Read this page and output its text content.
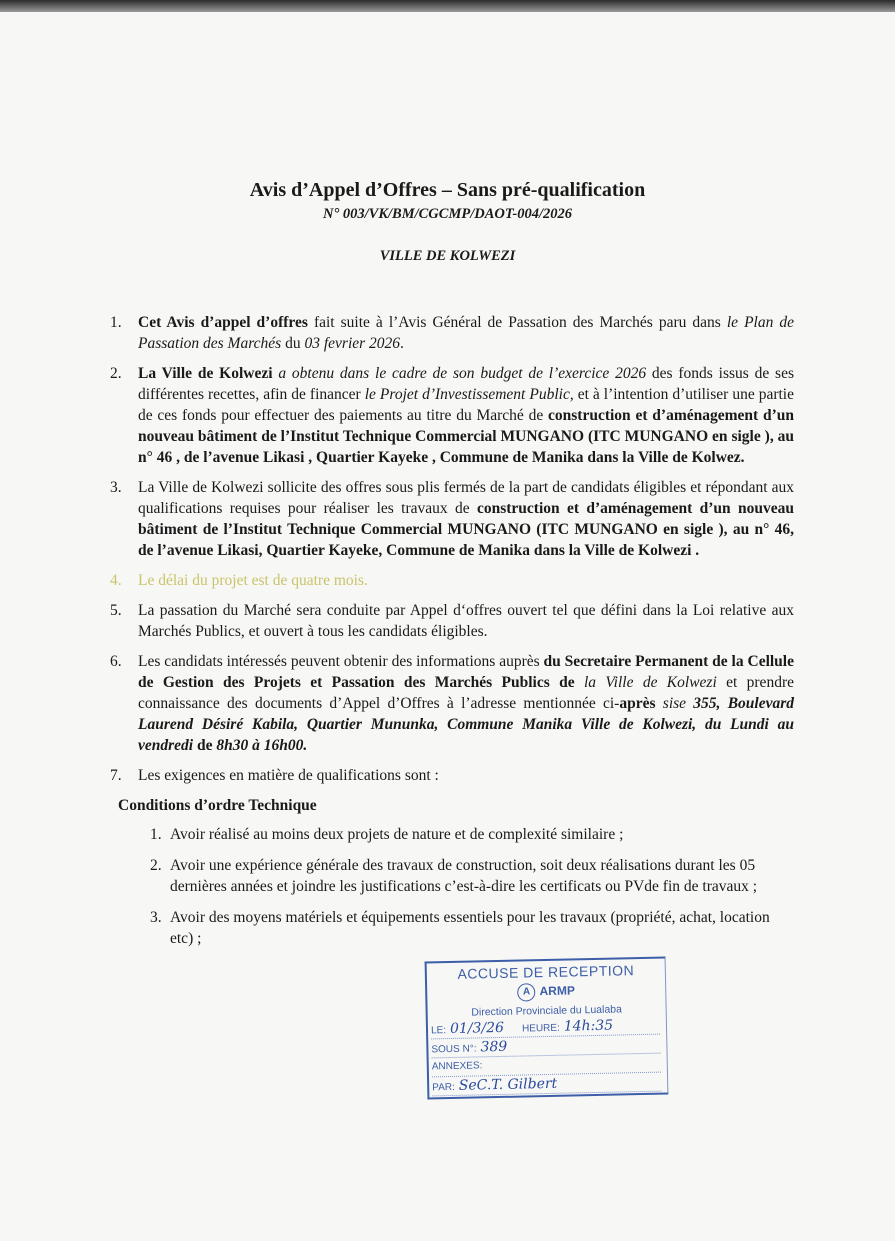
Avis d’Appel d’Offres – Sans pré-qualification
N° 003/VK/BM/CGCMP/DAOT-004/2026
VILLE DE KOLWEZI
1.	Cet Avis d’appel d’offres fait suite à l’Avis Général de Passation des Marchés paru dans le Plan de Passation des Marchés du 03 fevrier 2026.
2.	La Ville de Kolwezi a obtenu dans le cadre de son budget de l’exercice 2026 des fonds issus de ses différentes recettes, afin de financer le Projet d’Investissement Public, et à l’intention d’utiliser une partie de ces fonds pour effectuer des paiements au titre du Marché de construction et d’aménagement d’un nouveau bâtiment de l’Institut Technique Commercial MUNGANO (ITC MUNGANO en sigle ), au n° 46 , de l’avenue Likasi , Quartier Kayeke , Commune de Manika dans la Ville de Kolwez.
3.	La Ville de Kolwezi sollicite des offres sous plis fermés de la part de candidats éligibles et répondant aux qualifications requises pour réaliser les travaux de construction et d’aménagement d’un nouveau bâtiment de l’Institut Technique Commercial MUNGANO (ITC MUNGANO en sigle ), au n° 46, de l’avenue Likasi, Quartier Kayeke, Commune de Manika dans la Ville de Kolwezi .
4.	Le délai du projet est de quatre mois.
5.	La passation du Marché sera conduite par Appel d‘offres ouvert tel que défini dans la Loi relative aux Marchés Publics, et ouvert à tous les candidats éligibles.
6.	Les candidats intéressés peuvent obtenir des informations auprès du Secretaire Permanent de la Cellule de Gestion des Projets et Passation des Marchés Publics de la Ville de Kolwezi et prendre connaissance des documents d’Appel d’Offres à l’adresse mentionnée ci-après sise 355, Boulevard Laurend Désiré Kabila, Quartier Mununka, Commune Manika Ville de Kolwezi, du Lundi au vendredi de 8h30 à 16h00.
7.	Les exigences en matière de qualifications sont :
Conditions d’ordre Technique
1. Avoir réalisé au moins deux projets de nature et de complexité similaire ;
2. Avoir une expérience générale des travaux de construction, soit deux réalisations durant les 05 dernières années et joindre les justifications c’est-à-dire les certificats ou PVde fin de travaux ;
3. Avoir des moyens matériels et équipements essentiels pour les travaux (propriété, achat, location etc) ;
ACCUSE DE RECEPTION
A ARMP
Direction Provinciale du Lualaba
LE: 01/3/26 HEURE: 14h:35
SOUS N°: 389
ANNEXES:
PAR: SeC.T. Gilbert
